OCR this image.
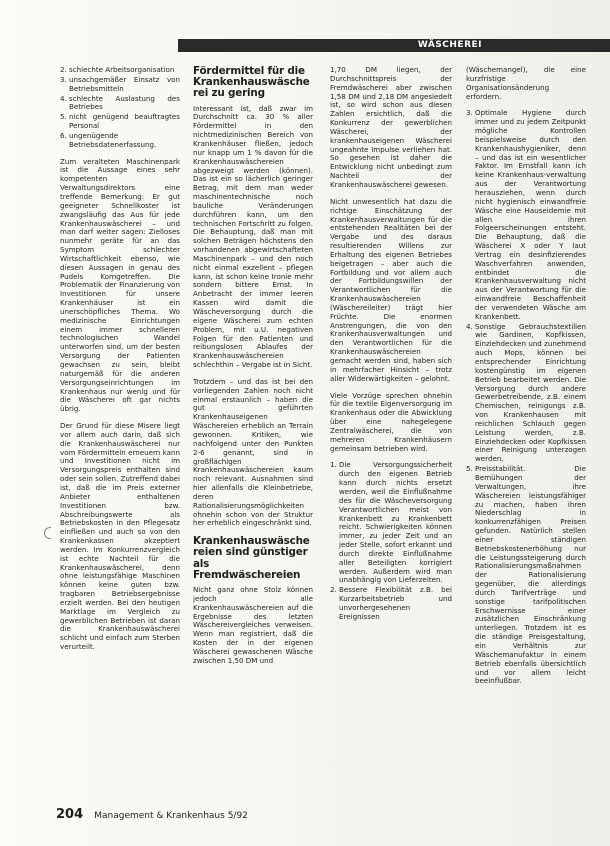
WÄSCHEREI
2. schlechte Arbeitsorganisation
3. unsachgemäßer Einsatz von Betriebsmitteln
4. schlechte Auslastung des Betriebes
5. nicht genügend beauftragtes Personal
6. ungenügende Betriebsdatenerfassung.

Zum veralteten Maschinenpark ist die Aussage eines sehr kompetenten Verwaltungsdirektors eine treffende Bemerkung: Er gut geeigneter Schnellkoster ist zwangsläufig das Aus für jede Krankenhauswäscherei – und man darf weiter sagen: Zielloses nunmehr geräte für an das Symptom schlechter Wirtschaftlichkeit ebenso, wie diesen Aussagen in genau des Pudels Korngetreffen. Die Problematik der Finanzierung von Investitionen für unsere Krankenhäuser ist ein unerschöpfliches Thema. Wo medizinische Einrichtungen einem immer schnelleren technologischen Wandel unterworfen sind, um der besten Versorgung der Patienten gewachsen zu sein, bleibt naturgemäß für die anderen Versorgungseinrichtungen im Krankenhaus nur wenig und für die Wäscherei oft gar nichts übrig.

Der Grund für diese Misere liegt vor allem auch darin, daß sich die Krankenhauswäscherei nur vom Fördermitteln erneuern kann und Investitionen nicht im Versorgungspreis enthalten sind oder sein sollen. Zutreffend dabei ist, daß die im Preis externer Anbieter enthaltenen Investitionen bzw. Abschreibungswerte als Betriebskosten in den Pflegesatz einfließen und auch so von den Krankenkassen akzeptiert werden. Im Konkurrenzvergleich ist echte Nachteil für die Krankenhauswäscherei, denn ohne leistungsfähige Maschinen können keine guten bzw. tragbaren Betriebsergebnisse erzielt werden. Bei den heutigen Marktlage im Vergleich zu gewerblichen Betrieben ist daran die Krankenhauswäscherei schlicht und einfach zum Sterben verurteilt.

Fördermittel für die Krankenhauswäscherei zu gering

Interessant ist, daß zwar im Durchschnitt ca. 30 % aller Fördermittel in den nichtmedizinischen Bereich von Krankenhäuser fließen, jedoch nur knapp um 1 % davon für die Krankenhauswäschereien abgezweigt werden (können). Das ist ein so lächerlich geringer Betrag, mit dem man weder maschinentechnische noch bauliche Veränderungen durchführen kann, um den technischen Fortschritt zu folgen. Die Behauptung, daß man mit solchen Beträgen höchstens den vorhandenen abgewirtschafteten Maschinenpark – und den noch nicht einmal exzellent – pflegen kann, ist schon keine Ironie mehr sondern bittere Ernst. In Anbetracht der immer leeren Kassen wird damit die Wäscheversorgung durch die eigene Wäscherei zum echten Problem, mit u.U. negativen Folgen für den Patienten und reibungslosen Ablaufes der Krankenhauswäschereien schlechthin – Vergabe ist in Sicht.

Trotzdem – und das ist bei den vorliegenden Zahlen noch nicht einmal erstaunlich – haben die gut geführten Krankenhauseigenen Wäschereien erheblich an Terrain gewonnen. Kritiken, wie nachfolgend unter den Punkten 2-6 genannt, sind in großflächigen Krankenhauswäschereien kaum noch relevant. Ausnahmen sind hier allenfalls die Kleinbetriebe, deren Rationalisierungsmöglichkeiten ohnehin schon von der Struktur her erheblich eingeschränkt sind.

Krankenhauswäschereien sind günstiger als Fremdwäschereien

Nicht ganz ohne Stolz können jedoch alle Krankenhauswäschereien auf die Ergebnisse des letzten Wäschereivergleiches verweisen. Wenn man registriert, daß die Kosten der in der eigenen Wäscherei gewaschenen Wäsche zwischen 1,50 DM und

1,70 DM liegen, der Durchschnittspreis der Fremdwäscherei aber zwischen 1,58 DM und 2,18 DM angesiedelt ist, so wird schon aus diesen Zahlen ersichtlich, daß die Konkurrenz der gewerblichen Wäscherei, der krankenhauseigenen Wäscherei ungeahnte Impulse verliehen hat. So gesehen ist daher die Entwicklung nicht unbedingt zum Nachteil der Krankenhauswäscherei gewesen.

Nicht unwesentlich hat dazu die richtige Einschätzung der Krankenhausverwaltungen für die entstehenden Realitäten bei der Vergabe und des daraus resultierenden Willens zur Erhaltung des eigenen Betriebes beigetragen – aber auch die Fortbildung und vor allem auch der Fortbildungswillen der Verantwortlichen für die Krankenhauswäschereien (Wäschereileiter) trägt hier Früchte. Die enormen Anstrengungen, die von den Krankenhausverwaltungen und den Verantwortlichen für die Krankenhauswäschereien gemacht werden sind, haben sich in mehrfacher Hinsicht – trotz aller Widerwärtigkeiten – gelohnt.

Viele Vorzüge sprechen ohnehin für die textile Eigenversorgung im Krankenhaus oder die Abwicklung über eine nahegelegene Zentralwäscherei, die von mehreren Krankenhäusern gemeinsam betrieben wird.

1. Die Versorgungssicherheit durch den eigenen Betrieb kann durch nichts ersetzt werden, weil die Einflußnahme des für die Wäscheversorgung Verantwortlichen meist von Krankenbett zu Krankenbett reicht. Schwierigkeiten können immer, zu jeder Zeit und an jeder Stelle, sofort erkannt und durch direkte Einflußnahme aller Beteiligten korrigiert werden. Außerdem wird man unabhängig von Lieferzeiten.
2. Bessere Flexibilität z.B. bei Kurzarbeitsbetrieb und unvorhergesehenen Ereignissen

(Wäschemangel), die eine kurzfristige Organisationsänderung erfordern.

3. Optimale Hygiene durch immer und zu jedem Zeitpunkt mögliche Kontrollen beispielsweise durch den Krankenhaushygieniker, denn – und das ist ein wesentlicher Faktor. Im Ernstfall kann ich keine Krankenhaus-verwaltung aus der Verantwortung herausziehen, wenn durch nicht hygienisch einwandfreie Wäsche eine Hauseidemie mit allen ihren Folgeerscheinungen entsteht. Die Behauptung, daß die Wäscherei X oder Y laut Vertrag ein desinfizierendes Waschverfahren anwenden, entbindet die Krankenhausverwaltung nicht aus der Verantwortung für die einwandfreie Beschaffenheit der verwendeten Wäsche am Krankenbett.
4. Sonstige Gebrauchstextilien wie Gardinen, Kopfkissen, Einziehdecken und zunehmend auch Mops, können bei entsprechender Einrichtung kostengünstig im eigenen Betrieb bearbeitet werden. Die Versorgung durch andere Gewerbetreibende, z.B. einem Chemischen, reinigungs z.B. von Krankenhausen mit reichlichen Schlauch gegen Leistung werden, z.B. Einziehdecken oder Kopfkissen einer Reinigung unterzogen werden.
5. Preisstabilität. Die Bemühungen der Verwaltungen, ihre Wäschereien leistungsfähiger zu machen, haben ihren Niederschlag in konkurrenzfähigen Preisen gefunden. Natürlich stellen einer ständigen Betriebskostenerhöhung nur die Leistungssteigerung durch Rationalisierungsmaßnahmen der Rationalisierung gegenüber, die allerdings durch Tarifverträge und sonstige tarifpolitischen Erschwernisse einer zusätzlichen Einschränkung unterliegen. Trotzdem ist es die ständige Preisgestaltung, ein Verhältnis zur Wäschemanufaktur in einem Betrieb ebenfalls übersichtlich und vor allem leicht beeinflußbar.
204 Management & Krankenhaus 5/92
